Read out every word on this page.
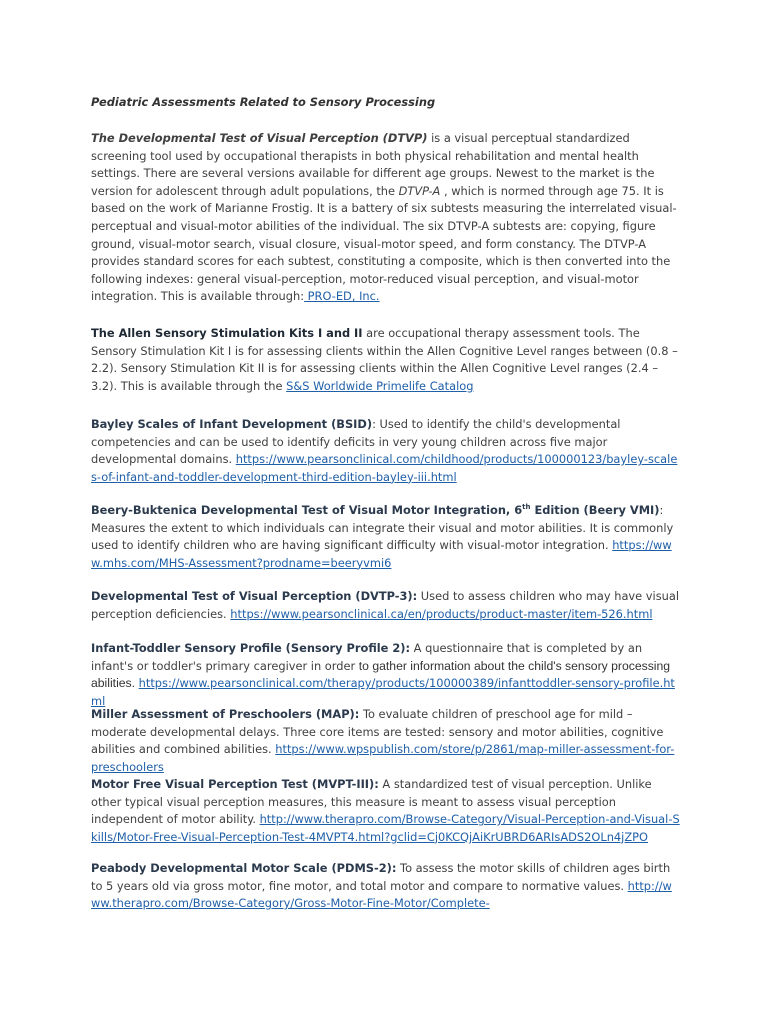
Pediatric Assessments Related to Sensory Processing

The Developmental Test of Visual Perception (DTVP) is a visual perceptual standardized screening tool used by occupational therapists in both physical rehabilitation and mental health settings. There are several versions available for different age groups. Newest to the market is the version for adolescent through adult populations, the DTVP-A , which is normed through age 75. It is based on the work of Marianne Frostig. It is a battery of six subtests measuring the interrelated visual-perceptual and visual-motor abilities of the individual. The six DTVP-A subtests are: copying, figure ground, visual-motor search, visual closure, visual-motor speed, and form constancy. The DTVP-A provides standard scores for each subtest, constituting a composite, which is then converted into the following indexes: general visual-perception, motor-reduced visual perception, and visual-motor integration. This is available through: PRO-ED, Inc.
The Allen Sensory Stimulation Kits I and II are occupational therapy assessment tools. The Sensory Stimulation Kit I is for assessing clients within the Allen Cognitive Level ranges between (0.8 – 2.2). Sensory Stimulation Kit II is for assessing clients within the Allen Cognitive Level ranges (2.4 – 3.2). This is available through the S&S Worldwide Primelife Catalog
Bayley Scales of Infant Development (BSID): Used to identify the child's developmental competencies and can be used to identify deficits in very young children across five major developmental domains. https://www.pearsonclinical.com/childhood/products/100000123/bayley-scales-of-infant-and-toddler-development-third-edition-bayley-iii.html
Beery-Buktenica Developmental Test of Visual Motor Integration, 6th Edition (Beery VMI): Measures the extent to which individuals can integrate their visual and motor abilities. It is commonly used to identify children who are having significant difficulty with visual-motor integration. https://www.mhs.com/MHS-Assessment?prodname=beeryvmi6
Developmental Test of Visual Perception (DVTP-3): Used to assess children who may have visual perception deficiencies. https://www.pearsonclinical.ca/en/products/product-master/item-526.html
Infant-Toddler Sensory Profile (Sensory Profile 2): A questionnaire that is completed by an infant's or toddler's primary caregiver in order to gather information about the child's sensory processing abilities. https://www.pearsonclinical.com/therapy/products/100000389/infanttoddler-sensory-profile.html
Miller Assessment of Preschoolers (MAP): To evaluate children of preschool age for mild – moderate developmental delays. Three core items are tested: sensory and motor abilities, cognitive abilities and combined abilities. https://www.wpspublish.com/store/p/2861/map-miller-assessment-for-preschoolers
Motor Free Visual Perception Test (MVPT-III): A standardized test of visual perception. Unlike other typical visual perception measures, this measure is meant to assess visual perception independent of motor ability. http://www.therapro.com/Browse-Category/Visual-Perception-and-Visual-Skills/Motor-Free-Visual-Perception-Test-4MVPT4.html?gclid=Cj0KCQjAiKrUBRD6ARIsADS2OLn4jZPO
Peabody Developmental Motor Scale (PDMS-2): To assess the motor skills of children ages birth to 5 years old via gross motor, fine motor, and total motor and compare to normative values. http://www.therapro.com/Browse-Category/Gross-Motor-Fine-Motor/Complete-
